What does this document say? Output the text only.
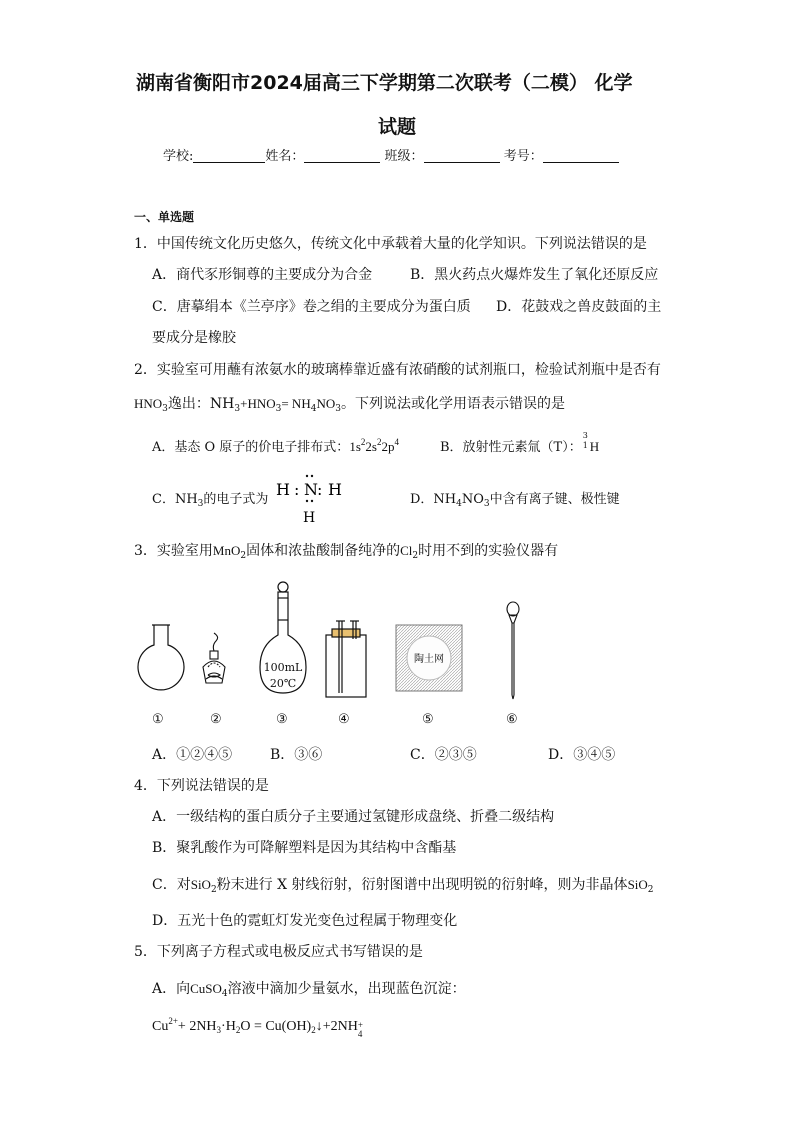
湖南省衡阳市2024届高三下学期第二次联考（二模） 化学
试题
学校:	姓名：	班级：	考号：
一、单选题
1．中国传统文化历史悠久，传统文化中承载着大量的化学知识。下列说法错误的是
A．商代豕形铜尊的主要成分为合金	B．黑火药点火爆炸发生了氧化还原反应
C．唐摹绢本《兰亭序》卷之绢的主要成分为蛋白质 D．花鼓戏之兽皮鼓面的主
要成分是橡胶
2．实验室可用蘸有浓氨水的玻璃棒靠近盛有浓硝酸的试剂瓶口，检验试剂瓶中是否有
$HNO_3$逸出：$NH_3+HNO_3= NH_4NO_3$。下列说法或化学用语表示错误的是
A．基态 O 原子的价电子排布式：$1s^22s^22p^4$	B．放射性元素氚（T）：
3
1 H
C．$NH_3$的电子式为
H : N : H
H
D．$NH_4NO_3$中含有离子键、极性键
3．实验室用MnO$_2$固体和浓盐酸制备纯净的$Cl_2$时用不到的实验仪器有
100mL
20℃
陶土网
①	②	③	④	⑤	⑥
A．①②④⑤	B．③⑥	C．②③⑤	D．③④⑤
4．下列说法错误的是
A．一级结构的蛋白质分子主要通过氢键形成盘绕、折叠二级结构
B．聚乳酸作为可降解塑料是因为其结构中含酯基
C．对SiO$_2$粉末进行 X 射线衍射，衍射图谱中出现明锐的衍射峰，则为非晶体SiO$_2$
D．五光十色的霓虹灯发光变色过程属于物理变化
5．下列离子方程式或电极反应式书写错误的是
A．向CuSO$_4$溶液中滴加少量氨水，出现蓝色沉淀：
$Cu^{2+}+ 2NH_3\cdot H_2O$ = $Cu(OH)_2↓+2NH$ +
4
